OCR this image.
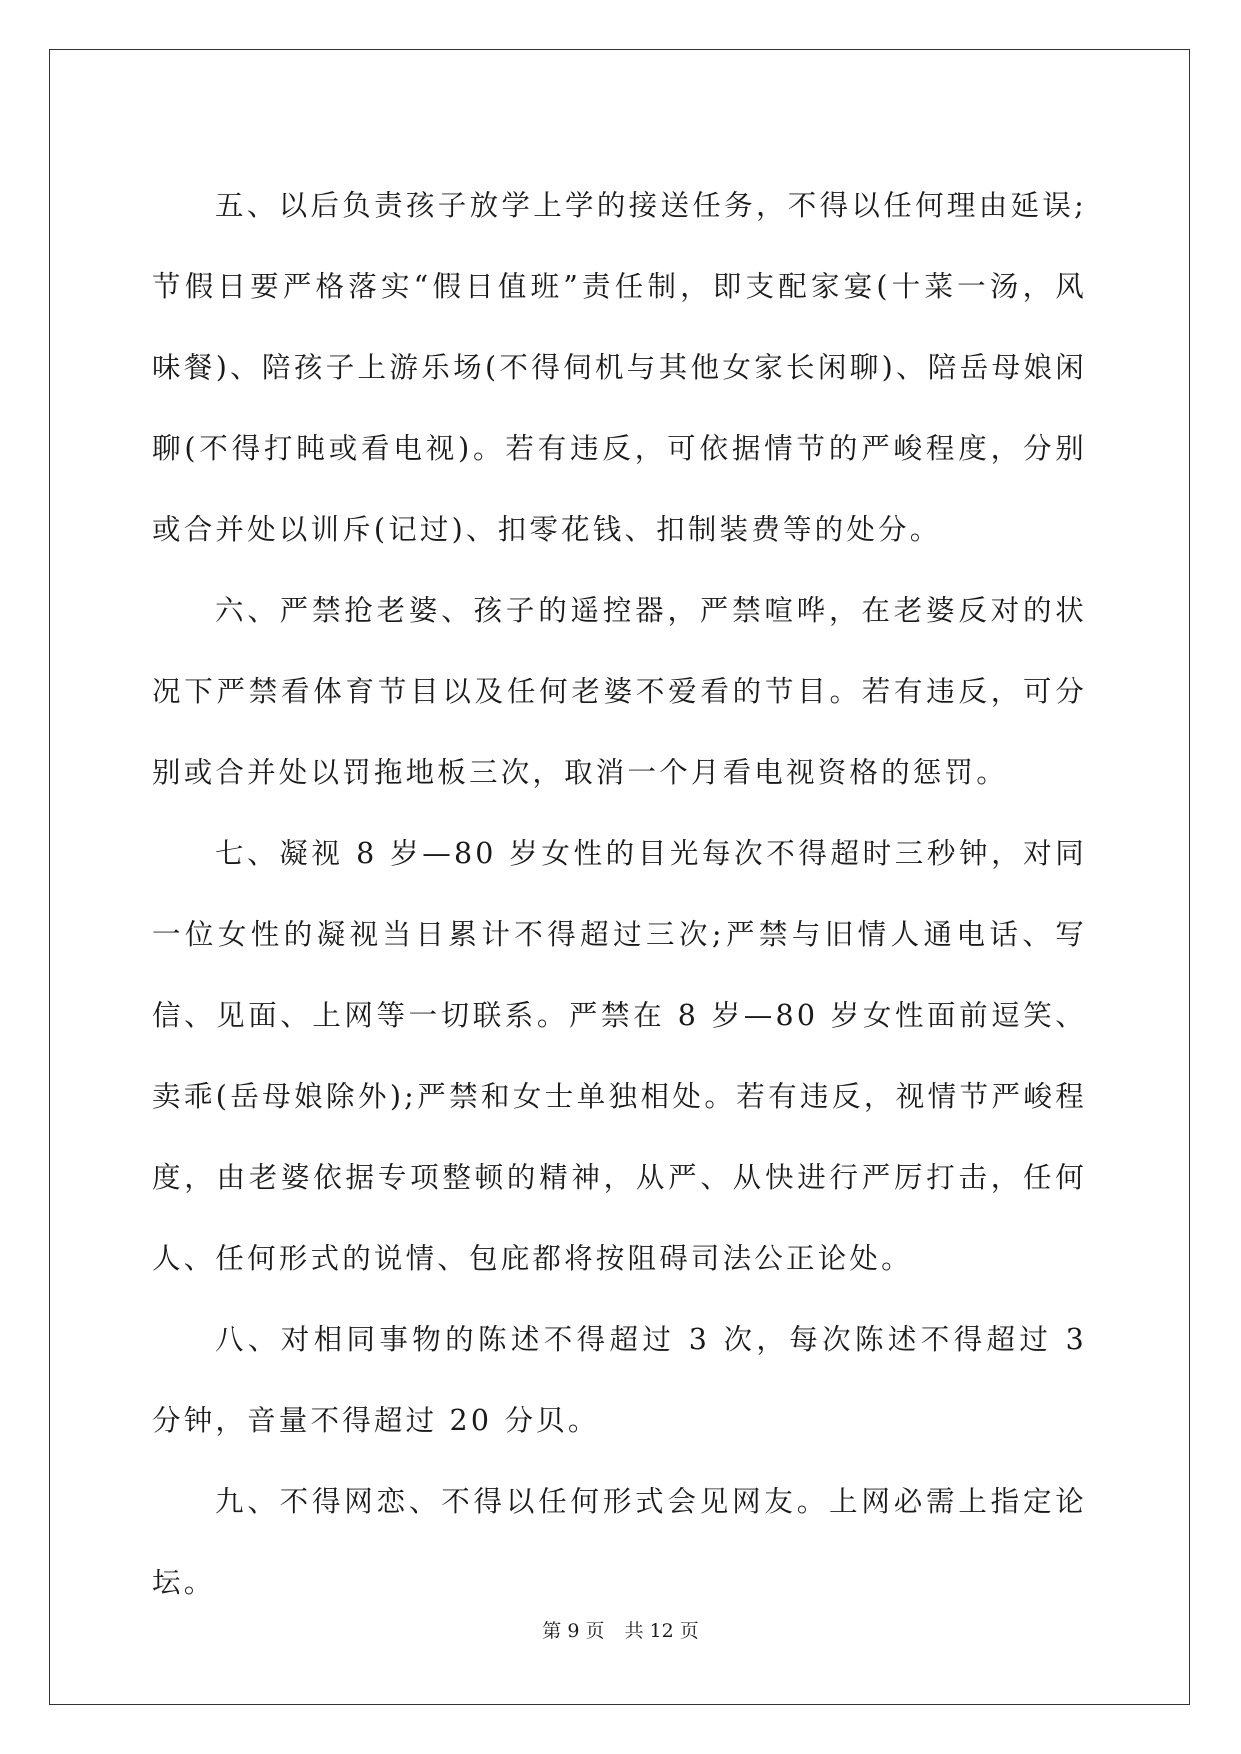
五、以后负责孩子放学上学的接送任务，不得以任何理由延误;节假日要严格落实“假日值班”责任制，即支配家宴(十菜一汤，风味餐)、陪孩子上游乐场(不得伺机与其他女家长闲聊)、陪岳母娘闲聊(不得打盹或看电视)。若有违反，可依据情节的严峻程度，分别或合并处以训斥(记过)、扣零花钱、扣制装费等的处分。

六、严禁抢老婆、孩子的遥控器，严禁喧哗，在老婆反对的状况下严禁看体育节目以及任何老婆不爱看的节目。若有违反，可分别或合并处以罚拖地板三次，取消一个月看电视资格的惩罚。

七、凝视 8 岁—80 岁女性的目光每次不得超时三秒钟，对同一位女性的凝视当日累计不得超过三次;严禁与旧情人通电话、写信、见面、上网等一切联系。严禁在 8 岁—80 岁女性面前逗笑、卖乖(岳母娘除外);严禁和女士单独相处。若有违反，视情节严峻程度，由老婆依据专项整顿的精神，从严、从快进行严厉打击，任何人、任何形式的说情、包庇都将按阻碍司法公正论处。

八、对相同事物的陈述不得超过 3 次，每次陈述不得超过 3 分钟，音量不得超过 20 分贝。

九、不得网恋、不得以任何形式会见网友。上网必需上指定论坛。

第 9 页 共 12 页
